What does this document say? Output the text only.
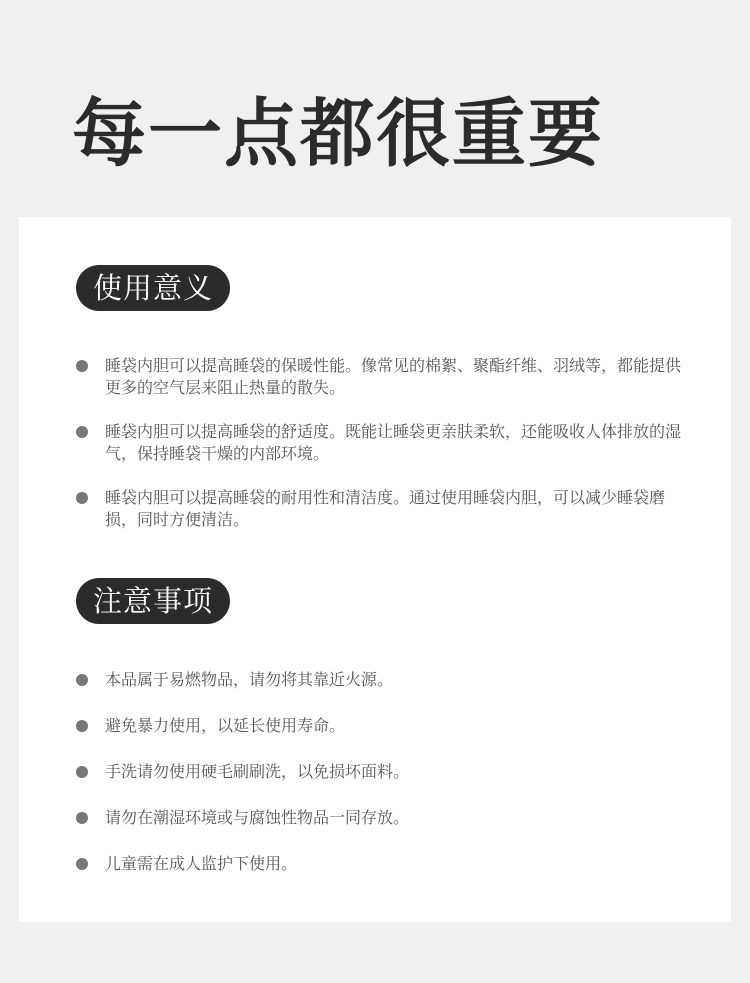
每一点都很重要
使用意义
睡袋内胆可以提高睡袋的保暖性能。像常见的棉絮、聚酯纤维、羽绒等，都能提供更多的空气层来阻止热量的散失。
睡袋内胆可以提高睡袋的舒适度。既能让睡袋更亲肤柔软，还能吸收人体排放的湿气，保持睡袋干燥的内部环境。
睡袋内胆可以提高睡袋的耐用性和清洁度。通过使用睡袋内胆，可以减少睡袋磨损，同时方便清洁。
注意事项
本品属于易燃物品，请勿将其靠近火源。
避免暴力使用，以延长使用寿命。
手洗请勿使用硬毛刷刷洗，以免损坏面料。
请勿在潮湿环境或与腐蚀性物品一同存放。
儿童需在成人监护下使用。
